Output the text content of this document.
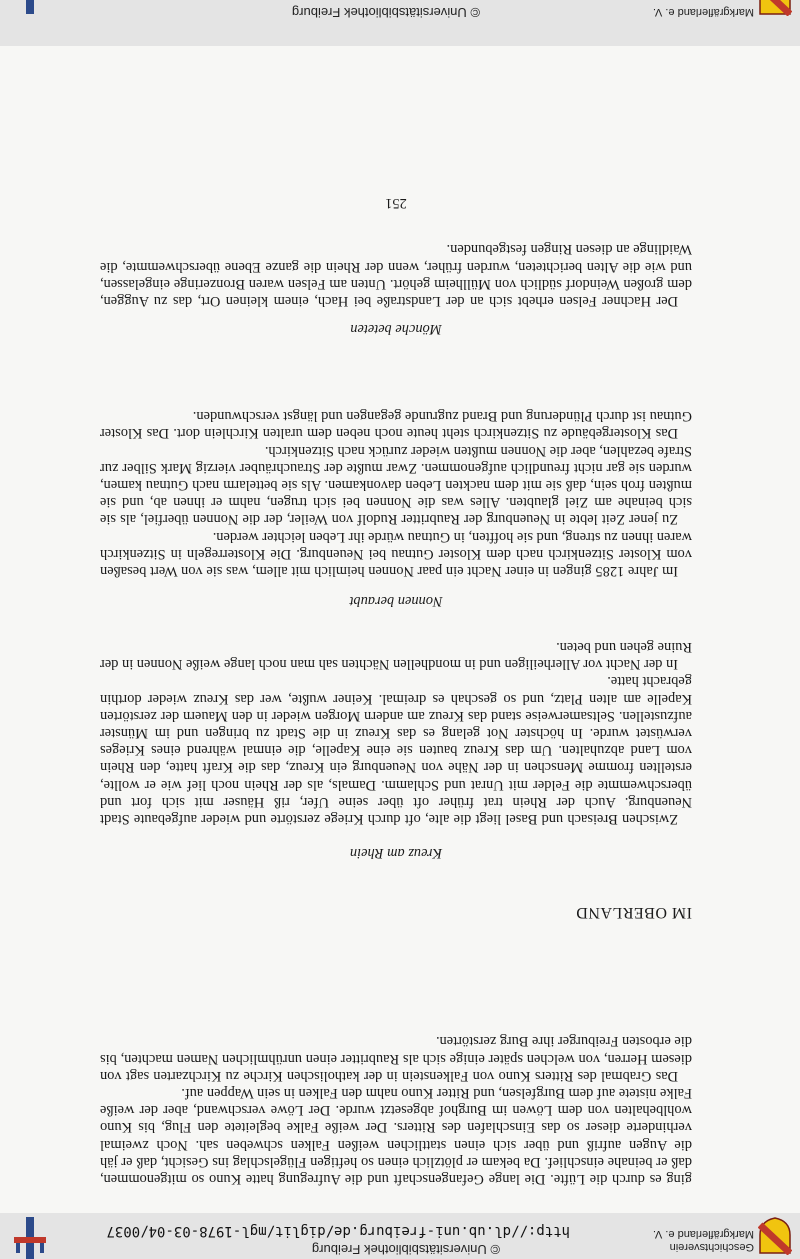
Geschichtsverein Markgräflerland e. V.
© Universitätsbibliothek Freiburg
http://dl.ub.uni-freiburg.de/diglit/mgl-1978-03-04/0037

ging es durch die Lüfte. Die lange Gefangenschaft und die Aufregung hatte Kuno so mitgenommen, daß er beinahe einschlief. Da bekam er plötzlich einen so heftigen Flügelschlag ins Gesicht, daß er jäh die Augen aufriß und über sich einen stattlichen weißen Falken schweben sah. Noch zweimal verhinderte dieser so das Einschlafen des Ritters. Der weiße Falke begleitete den Flug, bis Kuno wohlbehalten von dem Löwen im Burghof abgesetzt wurde. Der Löwe verschwand, aber der weiße Falke nistete auf dem Burgfelsen, und Ritter Kuno nahm den Falken in sein Wappen auf.

Das Grabmal des Ritters Kuno von Falkenstein in der katholischen Kirche zu Kirchzarten sagt von diesem Herren, von welchen später einige sich als Raubritter einen unrühmlichen Namen machten, bis die erbosten Freiburger ihre Burg zerstörten.

IM OBERLAND
Kreuz am Rhein

Zwischen Breisach und Basel liegt die alte, oft durch Kriege zerstörte und wieder aufgebaute Stadt Neuenburg. Auch der Rhein trat früher oft über seine Ufer, riß Häuser mit sich fort und überschwemmte die Felder mit Unrat und Schlamm. Damals, als der Rhein noch lief wie er wollte, erstellten fromme Menschen in der Nähe von Neuenburg ein Kreuz, das die Kraft hatte, den Rhein vom Land abzuhalten. Um das Kreuz bauten sie eine Kapelle, die einmal während eines Krieges verwüstet wurde. In höchster Not gelang es das Kreuz in die Stadt zu bringen und im Münster aufzustellen. Seltsamerweise stand das Kreuz am andern Morgen wieder in den Mauern der zerstörten Kapelle am alten Platz, und so geschah es dreimal. Keiner wußte, wer das Kreuz wieder dorthin gebracht hatte.

In der Nacht vor Allerheiligen und in mondhellen Nächten sah man noch lange weiße Nonnen in der Ruine gehen und beten.

Nonnen beraubt

Im Jahre 1285 gingen in einer Nacht ein paar Nonnen heimlich mit allem, was sie von Wert besaßen vom Kloster Sitzenkirch nach dem Kloster Gutnau bei Neuenburg. Die Klosterregeln in Sitzenkirch waren ihnen zu streng, und sie hofften, in Gutnau würde ihr Leben leichter werden.

Zu jener Zeit lebte in Neuenburg der Raubritter Rudolf von Weiler, der die Nonnen überfiel, als sie sich beinahe am Ziel glaubten. Alles was die Nonnen bei sich trugen, nahm er ihnen ab, und sie mußten froh sein, daß sie mit dem nackten Leben davonkamen. Als sie bettelarm nach Gutnau kamen, wurden sie gar nicht freundlich aufgenommen. Zwar mußte der Strauchräuber vierzig Mark Silber zur Strafe bezahlen, aber die Nonnen mußten wieder zurück nach Sitzenkirch.

Das Klostergebäude zu Sitzenkirch steht heute noch neben dem uralten Kirchlein dort. Das Kloster Gutnau ist durch Plünderung und Brand zugrunde gegangen und längst verschwunden.

Mönche beteten

Der Hachner Felsen erhebt sich an der Landstraße bei Hach, einem kleinen Ort, das zu Auggen, dem großen Weindorf südlich von Müllheim gehört. Unten am Felsen waren Bronzeringe eingelassen, und wie die Alten berichteten, wurden früher, wenn der Rhein die ganze Ebene überschwemmte, die Waidlinge an diesen Ringen festgebunden.

251
Markgräflerland e. V.
© Universitätsbibliothek Freiburg
